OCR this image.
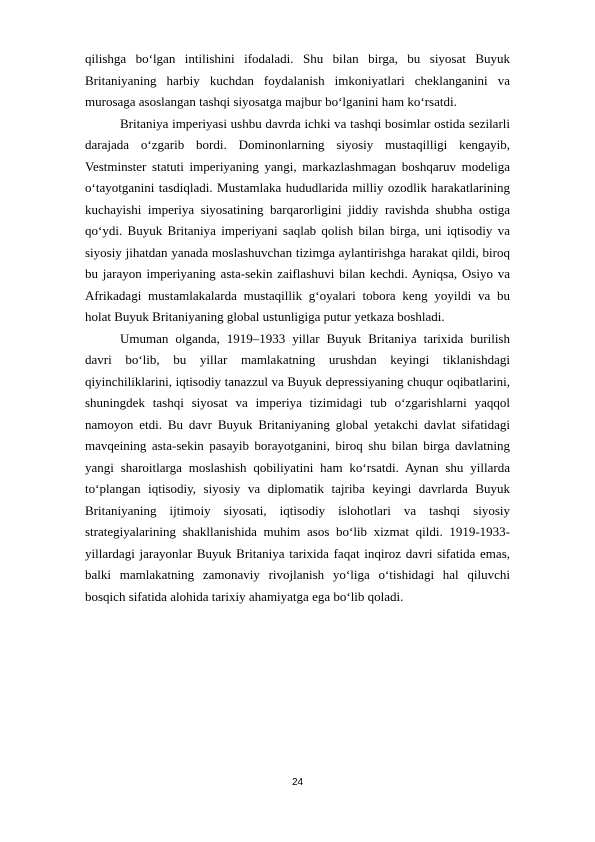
qilishga bo‘lgan intilishini ifodaladi. Shu bilan birga, bu siyosat Buyuk Britaniyaning harbiy kuchdan foydalanish imkoniyatlari cheklanganini va murosaga asoslangan tashqi siyosatga majbur bo‘lganini ham ko‘rsatdi.

Britaniya imperiyasi ushbu davrda ichki va tashqi bosimlar ostida sezilarli darajada o‘zgarib bordi. Dominonlarning siyosiy mustaqilligi kengayib, Vestminster statuti imperiyaning yangi, markazlashmagan boshqaruv modeliga o‘tayotganini tasdiqladi. Mustamlaka hududlarida milliy ozodlik harakatlarining kuchayishi imperiya siyosatining barqarorligini jiddiy ravishda shubha ostiga qo‘ydi. Buyuk Britaniya imperiyani saqlab qolish bilan birga, uni iqtisodiy va siyosiy jihatdan yanada moslashuvchan tizimga aylantirishga harakat qildi, biroq bu jarayon imperiyaning asta-sekin zaiflashuvi bilan kechdi. Ayniqsa, Osiyo va Afrikadagi mustamlakalarda mustaqillik g‘oyalari tobora keng yoyildi va bu holat Buyuk Britaniyaning global ustunligiga putur yetkaza boshladi.

Umuman olganda, 1919–1933 yillar Buyuk Britaniya tarixida burilish davri bo‘lib, bu yillar mamlakatning urushdan keyingi tiklanishdagi qiyinchiliklarini, iqtisodiy tanazzul va Buyuk depressiyaning chuqur oqibatlarini, shuningdek tashqi siyosat va imperiya tizimidagi tub o‘zgarishlarni yaqqol namoyon etdi. Bu davr Buyuk Britaniyaning global yetakchi davlat sifatidagi mavqeining asta-sekin pasayib borayotganini, biroq shu bilan birga davlatning yangi sharoitlarga moslashish qobiliyatini ham ko‘rsatdi. Aynan shu yillarda to‘plangan iqtisodiy, siyosiy va diplomatik tajriba keyingi davrlarda Buyuk Britaniyaning ijtimoiy siyosati, iqtisodiy islohotlari va tashqi siyosiy strategiyalarining shakllanishida muhim asos bo‘lib xizmat qildi. 1919-1933-yillardagi jarayonlar Buyuk Britaniya tarixida faqat inqiroz davri sifatida emas, balki mamlakatning zamonaviy rivojlanish yo‘liga o‘tishidagi hal qiluvchi bosqich sifatida alohida tarixiy ahamiyatga ega bo‘lib qoladi.

24
